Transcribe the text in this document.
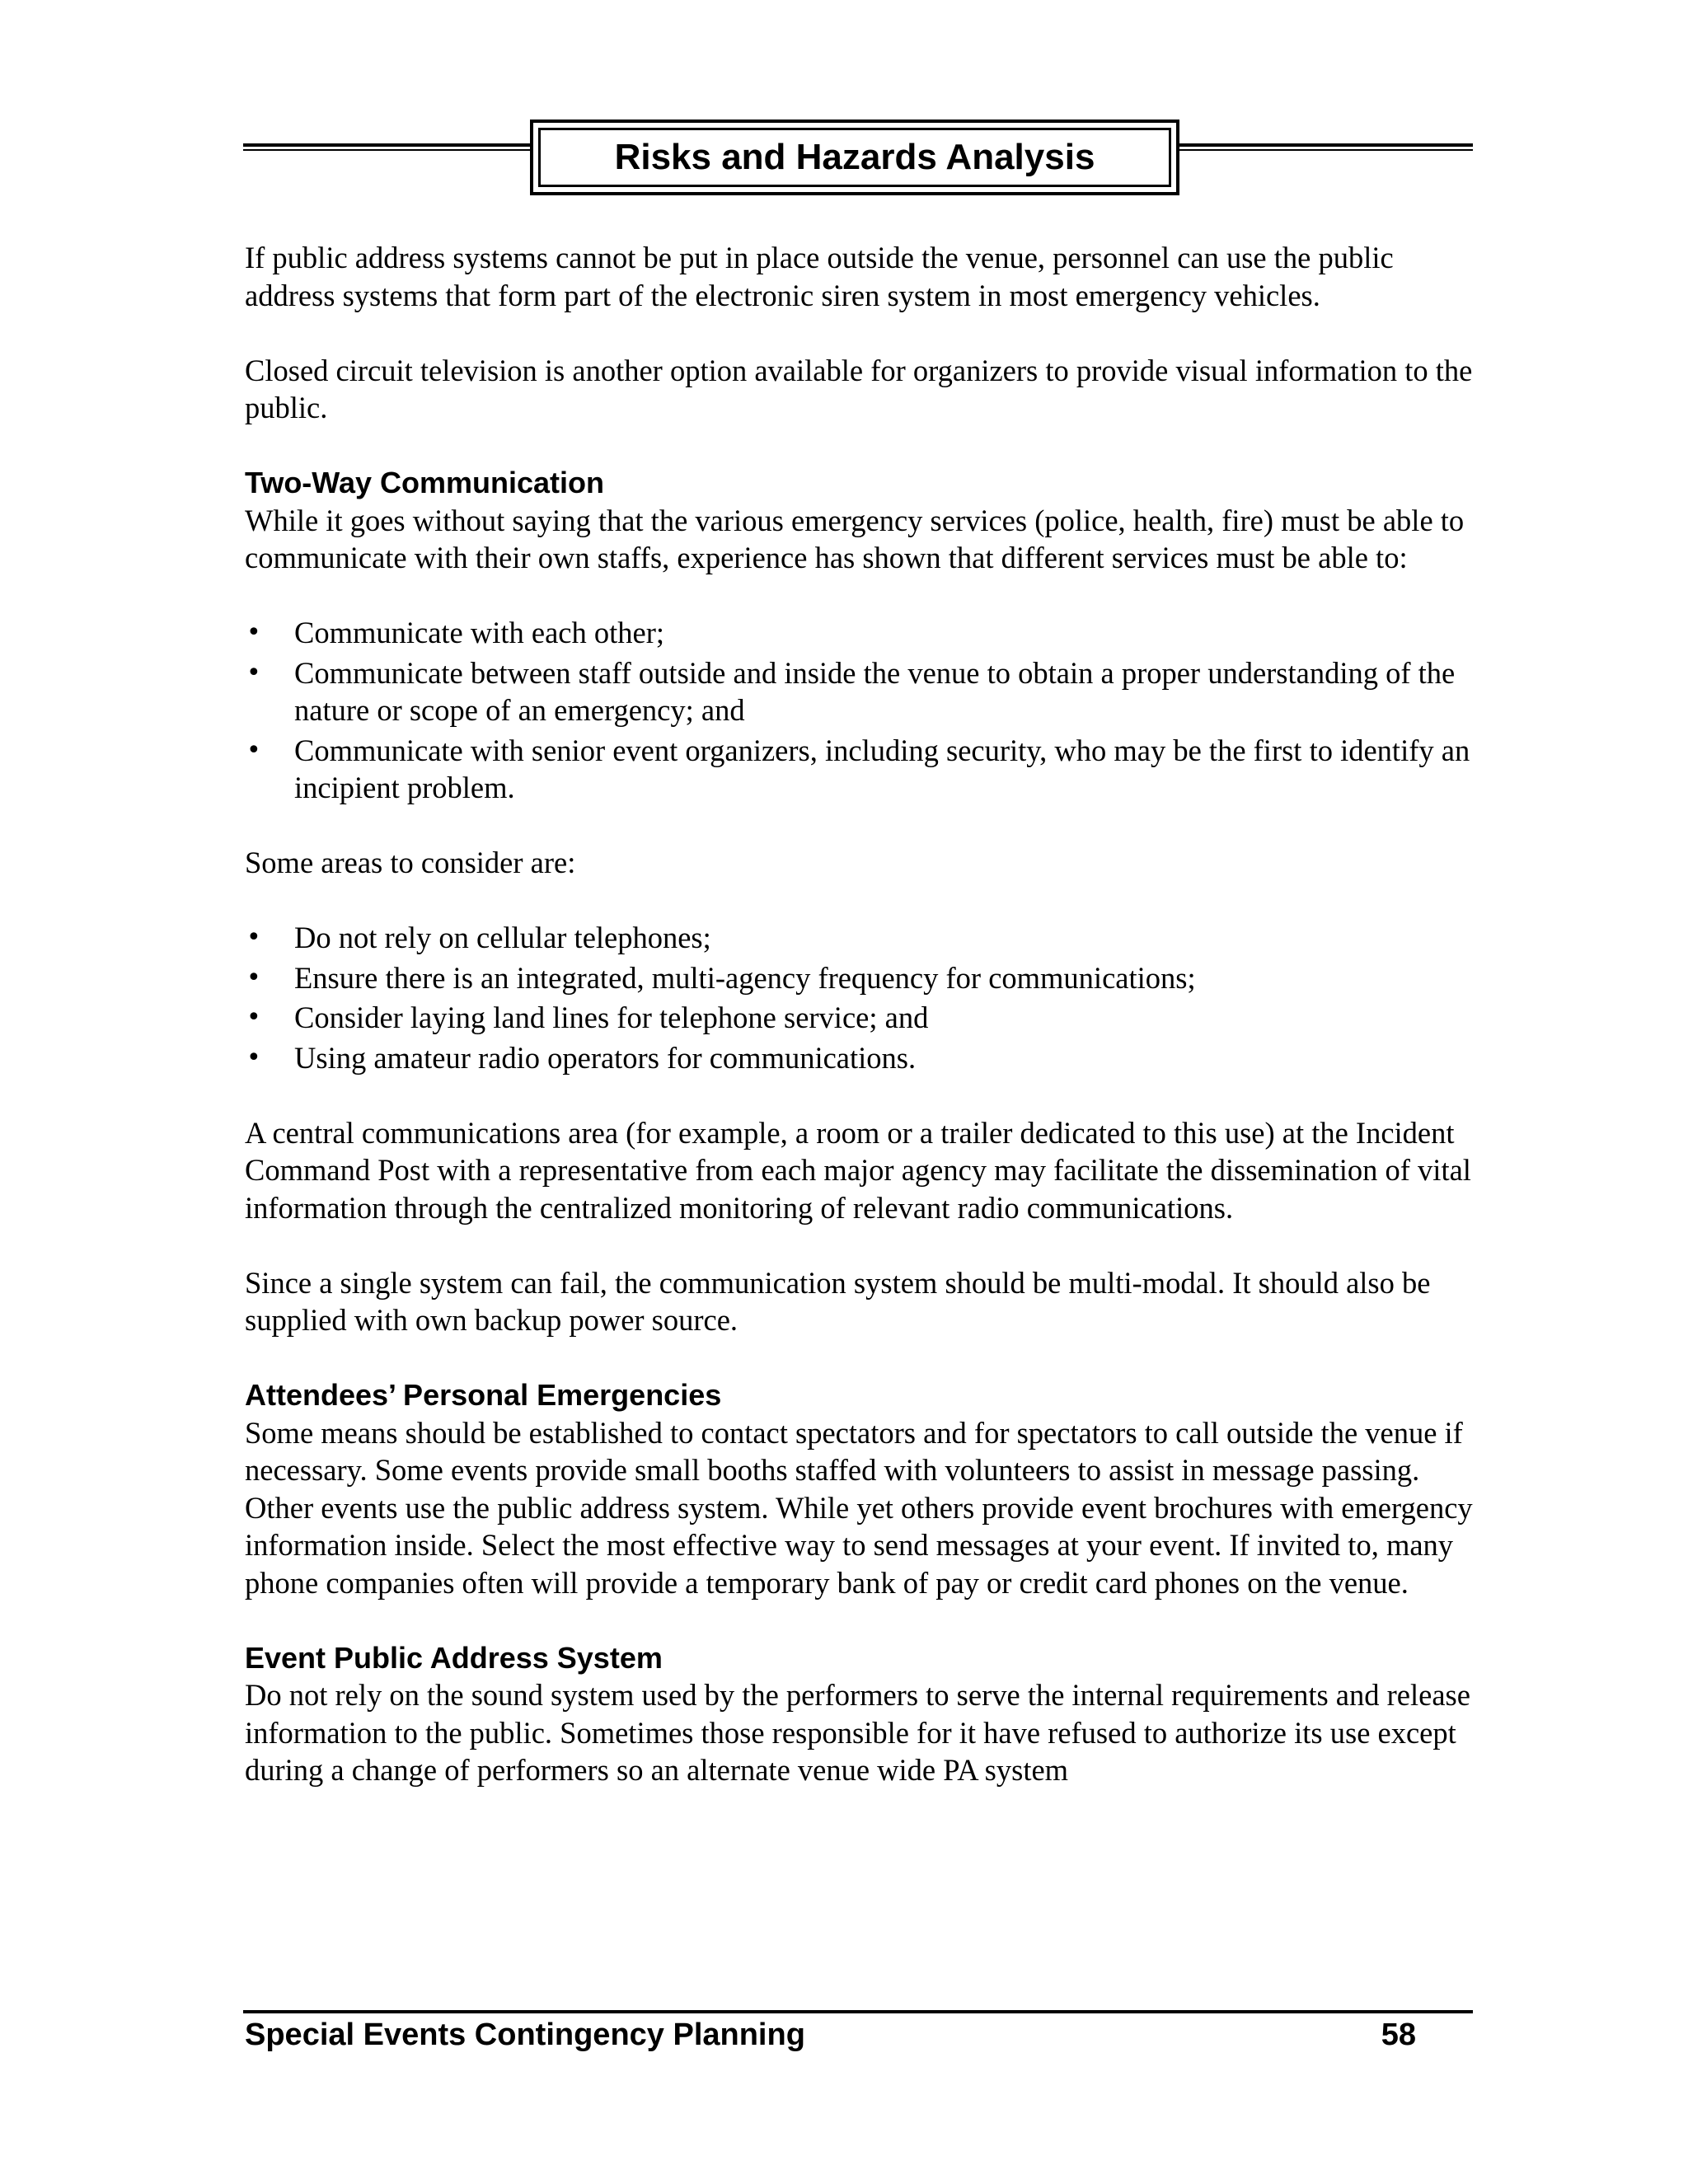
Risks and Hazards Analysis

If public address systems cannot be put in place outside the venue, personnel can use the public address systems that form part of the electronic siren system in most emergency vehicles.

Closed circuit television is another option available for organizers to provide visual information to the public.

Two-Way Communication

While it goes without saying that the various emergency services (police, health, fire) must be able to communicate with their own staffs, experience has shown that different services must be able to:

• Communicate with each other;
• Communicate between staff outside and inside the venue to obtain a proper understanding of the nature or scope of an emergency; and
• Communicate with senior event organizers, including security, who may be the first to identify an incipient problem.

Some areas to consider are:

• Do not rely on cellular telephones;
• Ensure there is an integrated, multi-agency frequency for communications;
• Consider laying land lines for telephone service; and
• Using amateur radio operators for communications.

A central communications area (for example, a room or a trailer dedicated to this use) at the Incident Command Post with a representative from each major agency may facilitate the dissemination of vital information through the centralized monitoring of relevant radio communications.

Since a single system can fail, the communication system should be multi-modal. It should also be supplied with own backup power source.

Attendees’ Personal Emergencies

Some means should be established to contact spectators and for spectators to call outside the venue if necessary. Some events provide small booths staffed with volunteers to assist in message passing. Other events use the public address system. While yet others provide event brochures with emergency information inside. Select the most effective way to send messages at your event. If invited to, many phone companies often will provide a temporary bank of pay or credit card phones on the venue.

Event Public Address System

Do not rely on the sound system used by the performers to serve the internal requirements and release information to the public. Sometimes those responsible for it have refused to authorize its use except during a change of performers so an alternate venue wide PA system

Special Events Contingency Planning	58
